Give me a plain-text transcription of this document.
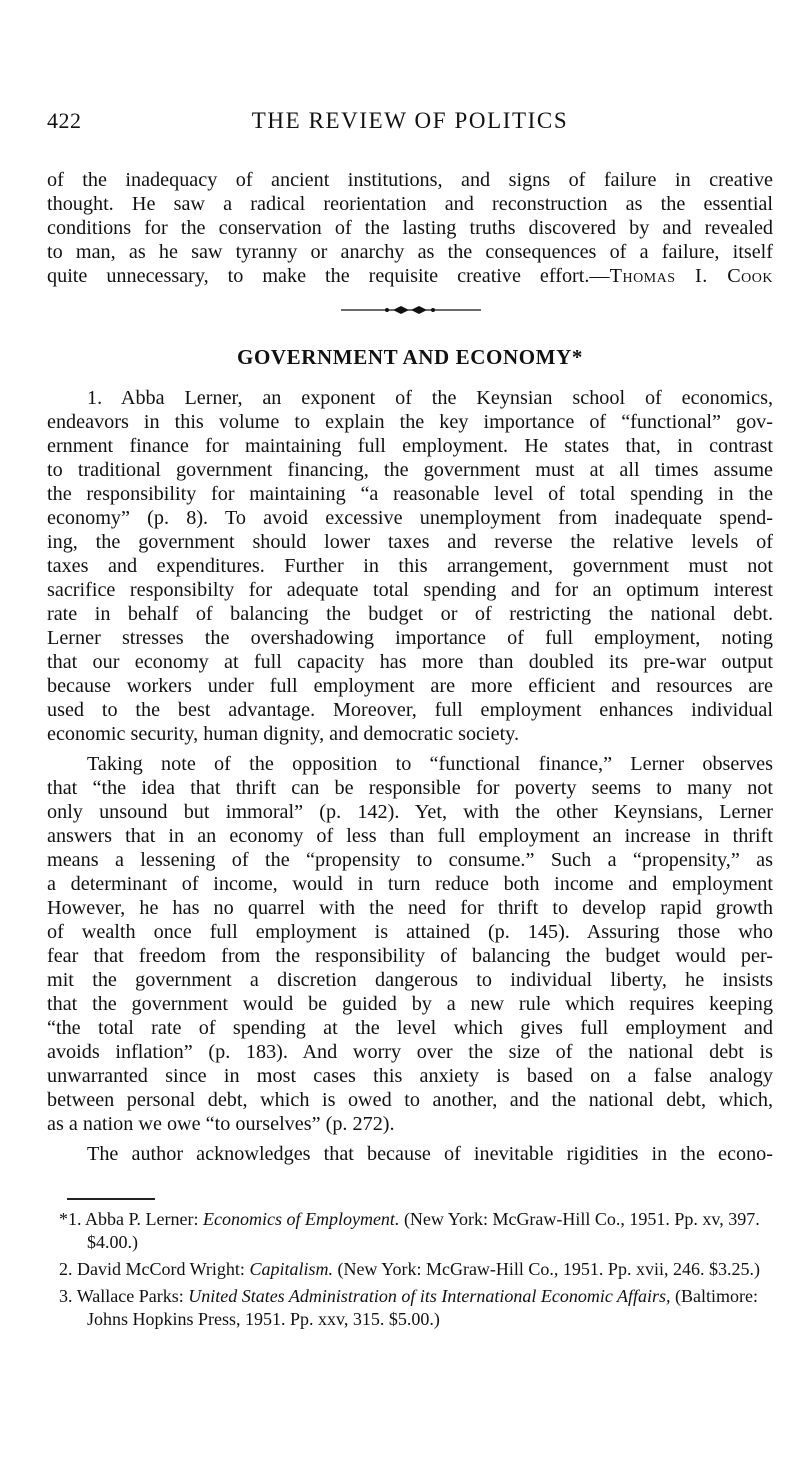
422	THE REVIEW OF POLITICS
of the inadequacy of ancient institutions, and signs of failure in creative
thought. He saw a radical reorientation and reconstruction as the essential
conditions for the conservation of the lasting truths discovered by and revealed
to man, as he saw tyranny or anarchy as the consequences of a failure, itself
quite unnecessary, to make the requisite creative effort.—Thomas I. Cook
GOVERNMENT AND ECONOMY*
1. Abba Lerner, an exponent of the Keynsian school of economics,
endeavors in this volume to explain the key importance of “functional” gov-
ernment finance for maintaining full employment. He states that, in contrast
to traditional government financing, the government must at all times assume
the responsibility for maintaining “a reasonable level of total spending in the
economy” (p. 8). To avoid excessive unemployment from inadequate spend-
ing, the government should lower taxes and reverse the relative levels of
taxes and expenditures. Further in this arrangement, government must not
sacrifice responsibilty for adequate total spending and for an optimum interest
rate in behalf of balancing the budget or of restricting the national debt.
Lerner stresses the overshadowing importance of full employment, noting
that our economy at full capacity has more than doubled its pre-war output
because workers under full employment are more efficient and resources are
used to the best advantage. Moreover, full employment enhances individual
economic security, human dignity, and democratic society.
Taking note of the opposition to “functional finance,” Lerner observes
that “the idea that thrift can be responsible for poverty seems to many not
only unsound but immoral” (p. 142). Yet, with the other Keynsians, Lerner
answers that in an economy of less than full employment an increase in thrift
means a lessening of the “propensity to consume.” Such a “propensity,” as
a determinant of income, would in turn reduce both income and employment
However, he has no quarrel with the need for thrift to develop rapid growth
of wealth once full employment is attained (p. 145). Assuring those who
fear that freedom from the responsibility of balancing the budget would per-
mit the government a discretion dangerous to individual liberty, he insists
that the government would be guided by a new rule which requires keeping
“the total rate of spending at the level which gives full employment and
avoids inflation” (p. 183). And worry over the size of the national debt is
unwarranted since in most cases this anxiety is based on a false analogy
between personal debt, which is owed to another, and the national debt, which,
as a nation we owe “to ourselves” (p. 272).
The author acknowledges that because of inevitable rigidities in the econo-
*1. Abba P. Lerner: Economics of Employment. (New York: McGraw-Hill Co., 1951. Pp. xv, 397. $4.00.)
2. David McCord Wright: Capitalism. (New York: McGraw-Hill Co., 1951. Pp. xvii, 246. $3.25.)
3. Wallace Parks: United States Administration of its International Economic Affairs, (Baltimore: Johns Hopkins Press, 1951. Pp. xxv, 315. $5.00.)
